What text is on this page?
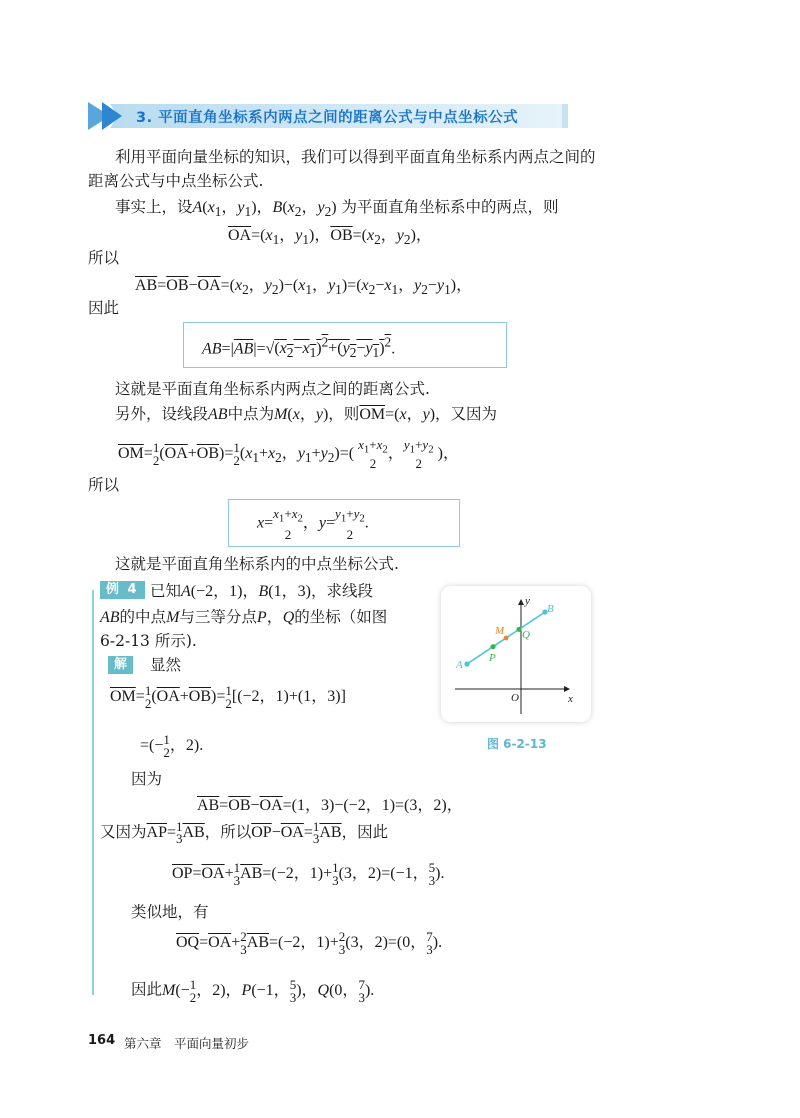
3. 平面直角坐标系内两点之间的距离公式与中点坐标公式
利用平面向量坐标的知识，我们可以得到平面直角坐标系内两点之间的
距离公式与中点坐标公式.
事实上，设$A(x_1$，$y_1$)，$B(x_2$，$y_2$) 为平面直角坐标系中的两点，则
$\overline{OA}=(x_1$，$y_1$)，$\overline{OB}=(x_2$，$y_2$)，
所以
$\overline{AB}=\overline{OB}-\overline{OA}=(x_2$，$y_2)-(x_1$，$y_1)=(x_2-x_1$，$y_2-y_1$)，
因此
$AB=|\overline{AB}|=√(x_2-x_1)^2+(y_2-y_1)^2$.
这就是平面直角坐标系内两点之间的距离公式.
另外，设线段AB中点为M(x，y)，则$\overline{OM}=(x$，y)，又因为
$\overline{OM}=1$
$2(\overline{OA}+\overline{OB})=1$
$2(x_1+x_2$，$y_1+y_2)=$( $x_1+x_2$
2，$y_1+y_2$
2 )，
所以
$x=x_1+x_2$
2，$y=y_1+y_2$
2.
这就是平面直角坐标系内的中点坐标公式.
例 4 已知A(−2，1)，B(1，3)，求线段
AB的中点M与三等分点P，Q的坐标（如图
6-2-13 所示).
解	显然
$\overline{OM}=1$
$2(\overline{OA}+\overline{OB})=1$
2[(−2，1)+(1，3)]
=(−1
2，2).
因为
$\overline{AB}=\overline{OB}-\overline{OA}=(1$，3)−(−2，1)=(3，2)，
又因为$\overline{AP}=1$
$3\overline{AB}$，所以$\overline{OP}-\overline{OA}=1$
$3\overline{AB}$，因此
$\overline{OP}=\overline{OA}+1$
$3\overline{AB}=(-2$，1)+1
3(3，2)=(−1，5
3).
类似地，有
$\overline{OQ}=\overline{OA}+2$
$3\overline{AB}=(-2$，1)+2
3(3，2)=(0，7
3).
因此M(−1
2，2)，P(−1，5
3)，Q(0，7
3).
A
B
M
P
Q
O	x
y
图 6-2-13
164 第六章　平面向量初步
